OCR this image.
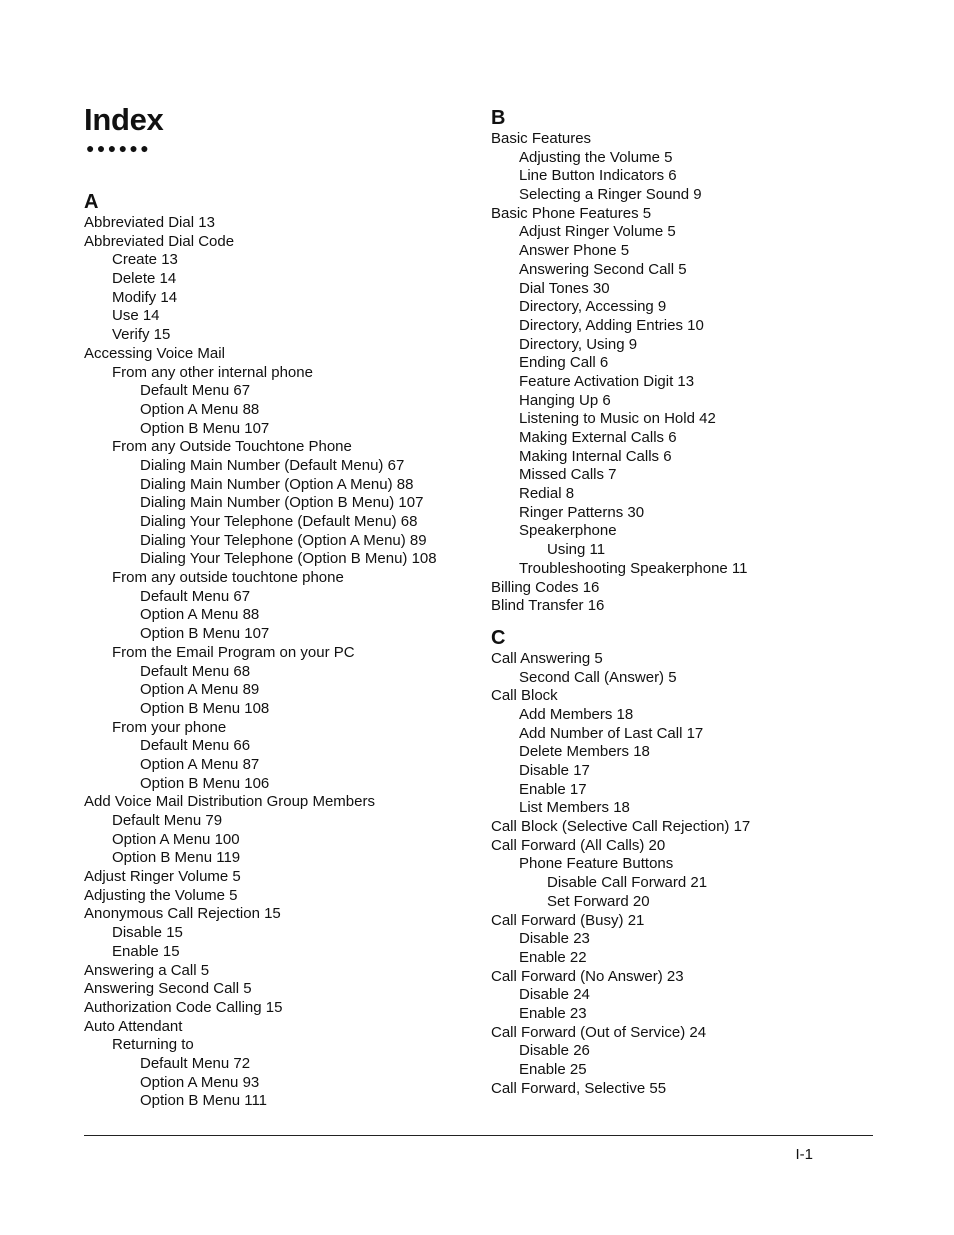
Index
●●●●●●
A
Abbreviated Dial 13
Abbreviated Dial Code
Create 13
Delete 14
Modify 14
Use 14
Verify 15
Accessing Voice Mail
From any other internal phone
Default Menu 67
Option A Menu 88
Option B Menu 107
From any Outside Touchtone Phone
Dialing Main Number (Default Menu) 67
Dialing Main Number (Option A Menu) 88
Dialing Main Number (Option B Menu) 107
Dialing Your Telephone (Default Menu) 68
Dialing Your Telephone (Option A Menu) 89
Dialing Your Telephone (Option B Menu) 108
From any outside touchtone phone
Default Menu 67
Option A Menu 88
Option B Menu 107
From the Email Program on your PC
Default Menu 68
Option A Menu 89
Option B Menu 108
From your phone
Default Menu 66
Option A Menu 87
Option B Menu 106
Add Voice Mail Distribution Group Members
Default Menu 79
Option A Menu 100
Option B Menu 119
Adjust Ringer Volume 5
Adjusting the Volume 5
Anonymous Call Rejection 15
Disable 15
Enable 15
Answering a Call 5
Answering Second Call 5
Authorization Code Calling 15
Auto Attendant
Returning to
Default Menu 72
Option A Menu 93
Option B Menu 111
B
Basic Features
Adjusting the Volume 5
Line Button Indicators 6
Selecting a Ringer Sound 9
Basic Phone Features 5
Adjust Ringer Volume 5
Answer Phone 5
Answering Second Call 5
Dial Tones 30
Directory, Accessing 9
Directory, Adding Entries 10
Directory, Using 9
Ending Call 6
Feature Activation Digit 13
Hanging Up 6
Listening to Music on Hold 42
Making External Calls 6
Making Internal Calls 6
Missed Calls 7
Redial 8
Ringer Patterns 30
Speakerphone
Using 11
Troubleshooting Speakerphone 11
Billing Codes 16
Blind Transfer 16
C
Call Answering 5
Second Call (Answer) 5
Call Block
Add Members 18
Add Number of Last Call 17
Delete Members 18
Disable 17
Enable 17
List Members 18
Call Block (Selective Call Rejection) 17
Call Forward (All Calls) 20
Phone Feature Buttons
Disable Call Forward 21
Set Forward 20
Call Forward (Busy) 21
Disable 23
Enable 22
Call Forward (No Answer) 23
Disable 24
Enable 23
Call Forward (Out of Service) 24
Disable 26
Enable 25
Call Forward, Selective 55
I-1
